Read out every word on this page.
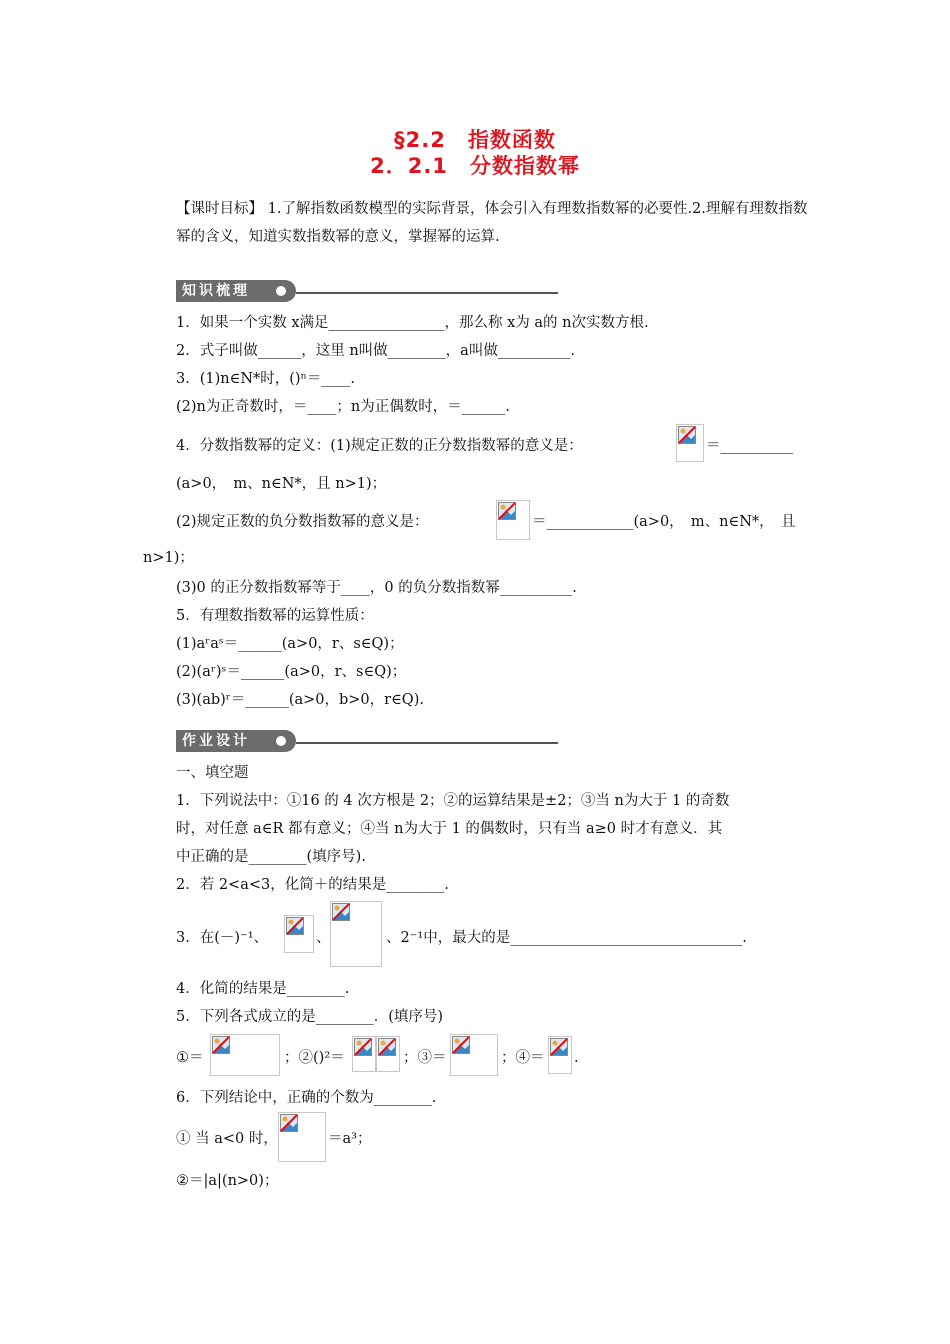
§2.2　指数函数
2．2.1　分数指数幂
【课时目标】 1.了解指数函数模型的实际背景，体会引入有理数指数幂的必要性.2.理解有理数指数幂的含义，知道实数指数幂的意义，掌握幂的运算.
知识梳理
1．如果一个实数 x满足________________，那么称 x为 a的 n次实数方根.
2．式子叫做______，这里 n叫做________，a叫做__________.
3．(1)n∈N*时，()ⁿ＝____.
(2)n为正奇数时，＝____；n为正偶数时，＝______.
4．分数指数幂的定义：(1)规定正数的正分数指数幂的意义是：	＝__________
(a>0，　m、n∈N*，且 n>1)；
(2)规定正数的负分数指数幂的意义是：	＝____________(a>0，　m、n∈N*，　且
n>1)；
(3)0 的正分数指数幂等于____，0 的负分数指数幂__________.
5．有理数指数幂的运算性质：
(1)aʳaˢ＝______(a>0，r、s∈Q)；
(2)(aʳ)ˢ＝______(a>0，r、s∈Q)；
(3)(ab)ʳ＝______(a>0，b>0，r∈Q).
作业设计
一、填空题
1．下列说法中：①16 的 4 次方根是 2；②的运算结果是±2；③当 n为大于 1 的奇数
时，对任意 a∈R 都有意义；④当 n为大于 1 的偶数时，只有当 a≥0 时才有意义．其
中正确的是________(填序号).
2．若 2<a<3，化简＋的结果是________.
3．在(－)⁻¹、	、	、2⁻¹中，最大的是________________________________.
4．化简的结果是________.
5．下列各式成立的是________．(填序号)
①＝	；②()²＝	；③＝	；④＝ .
6．下列结论中，正确的个数为________.
① 当 a<0 时，	＝a³；
②＝|a|(n>0)；
